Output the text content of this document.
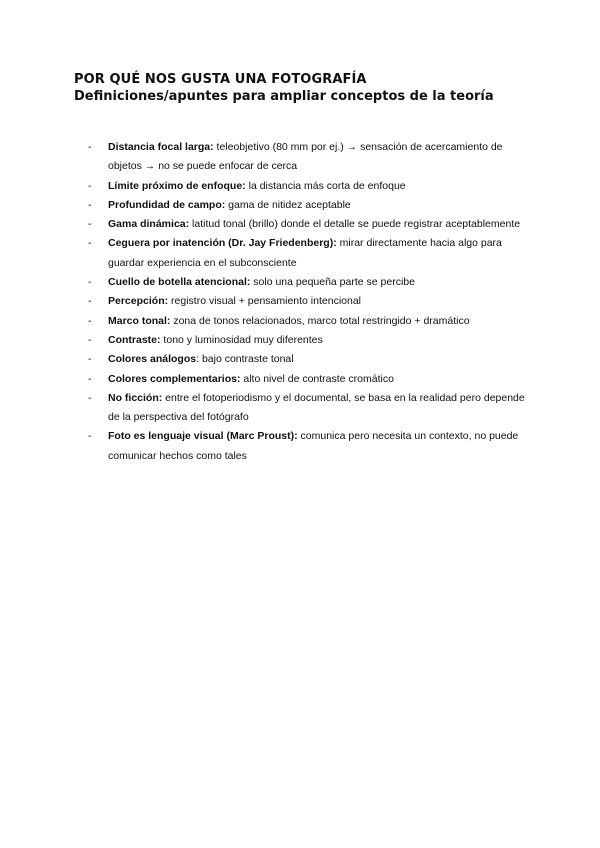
POR QUÉ NOS GUSTA UNA FOTOGRAFÍA
Definiciones/apuntes para ampliar conceptos de la teoría
-	Distancia focal larga: teleobjetivo (80 mm por ej.) → sensación de acercamiento de objetos → no se puede enfocar de cerca
-	Límite próximo de enfoque: la distancia más corta de enfoque
-	Profundidad de campo: gama de nitidez aceptable
-	Gama dinámica: latitud tonal (brillo) donde el detalle se puede registrar aceptablemente
-	Ceguera por inatención (Dr. Jay Friedenberg): mirar directamente hacia algo para guardar experiencia en el subconsciente
-	Cuello de botella atencional: solo una pequeña parte se percibe
-	Percepción: registro visual + pensamiento intencional
-	Marco tonal: zona de tonos relacionados, marco total restringido + dramático
-	Contraste: tono y luminosidad muy diferentes
-	Colores análogos: bajo contraste tonal
-	Colores complementarios: alto nivel de contraste cromático
-	No ficción: entre el fotoperiodismo y el documental, se basa en la realidad pero depende de la perspectiva del fotógrafo
-	Foto es lenguaje visual (Marc Proust): comunica pero necesita un contexto, no puede comunicar hechos como tales
